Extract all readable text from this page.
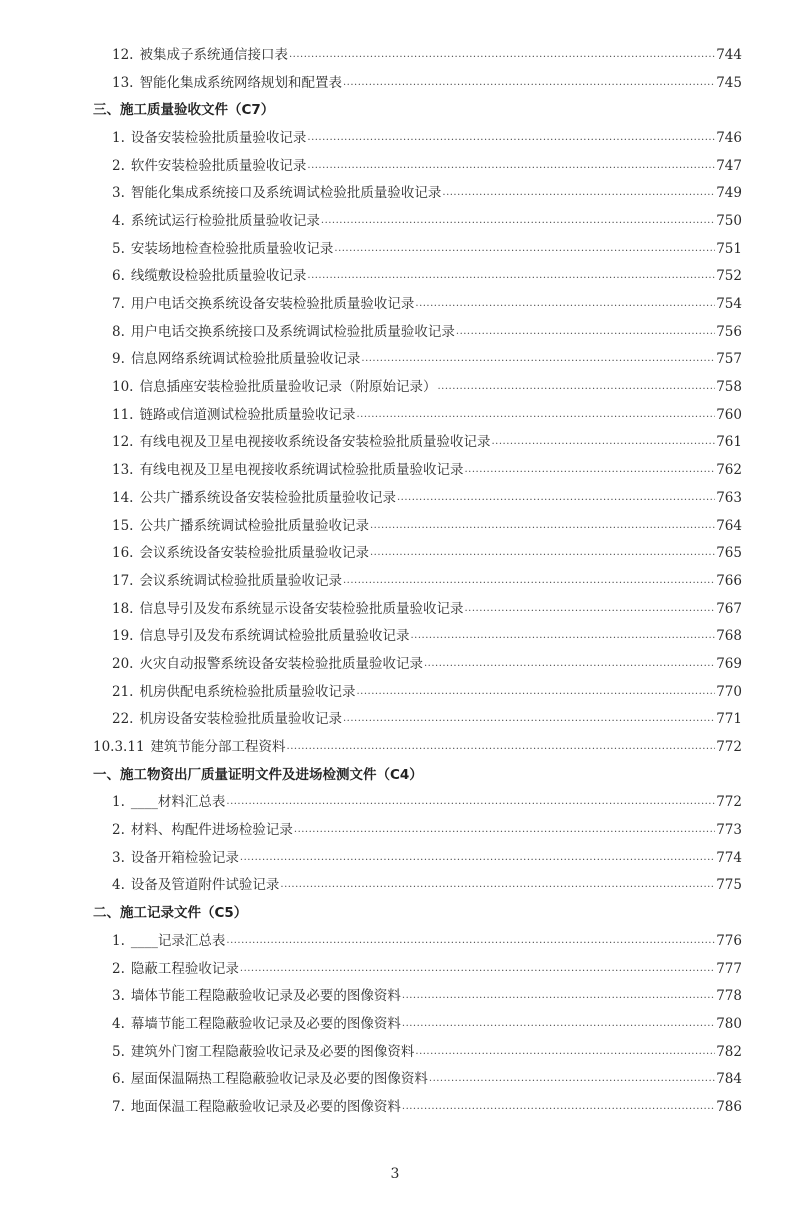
12. 被集成子系统通信接口表 .....	744
13. 智能化集成系统网络规划和配置表 .....	745
三、施工质量验收文件（C7）
1. 设备安装检验批质量验收记录 .....	746
2. 软件安装检验批质量验收记录 .....	747
3. 智能化集成系统接口及系统调试检验批质量验收记录 .....	749
4. 系统试运行检验批质量验收记录 .....	750
5. 安装场地检查检验批质量验收记录 .....	751
6. 线缆敷设检验批质量验收记录 .....	752
7. 用户电话交换系统设备安装检验批质量验收记录 .....	754
8. 用户电话交换系统接口及系统调试检验批质量验收记录 .....	756
9. 信息网络系统调试检验批质量验收记录 .....	757
10. 信息插座安装检验批质量验收记录（附原始记录） .....	758
11. 链路或信道测试检验批质量验收记录 .....	760
12. 有线电视及卫星电视接收系统设备安装检验批质量验收记录 .....	761
13. 有线电视及卫星电视接收系统调试检验批质量验收记录 .....	762
14. 公共广播系统设备安装检验批质量验收记录 .....	763
15. 公共广播系统调试检验批质量验收记录 .....	764
16. 会议系统设备安装检验批质量验收记录 .....	765
17. 会议系统调试检验批质量验收记录 .....	766
18. 信息导引及发布系统显示设备安装检验批质量验收记录 .....	767
19. 信息导引及发布系统调试检验批质量验收记录 .....	768
20. 火灾自动报警系统设备安装检验批质量验收记录 .....	769
21. 机房供配电系统检验批质量验收记录 .....	770
22. 机房设备安装检验批质量验收记录 .....	771
10.3.11 建筑节能分部工程资料 .....	772
一、施工物资出厂质量证明文件及进场检测文件（C4）
1. ____材料汇总表 .....	772
2. 材料、构配件进场检验记录 .....	773
3. 设备开箱检验记录 .....	774
4. 设备及管道附件试验记录 .....	775
二、施工记录文件（C5）
1. ____记录汇总表 .....	776
2. 隐蔽工程验收记录 .....	777
3. 墙体节能工程隐蔽验收记录及必要的图像资料 .....	778
4. 幕墙节能工程隐蔽验收记录及必要的图像资料 .....	780
5. 建筑外门窗工程隐蔽验收记录及必要的图像资料 .....	782
6. 屋面保温隔热工程隐蔽验收记录及必要的图像资料 .....	784
7. 地面保温工程隐蔽验收记录及必要的图像资料 .....	786
3
